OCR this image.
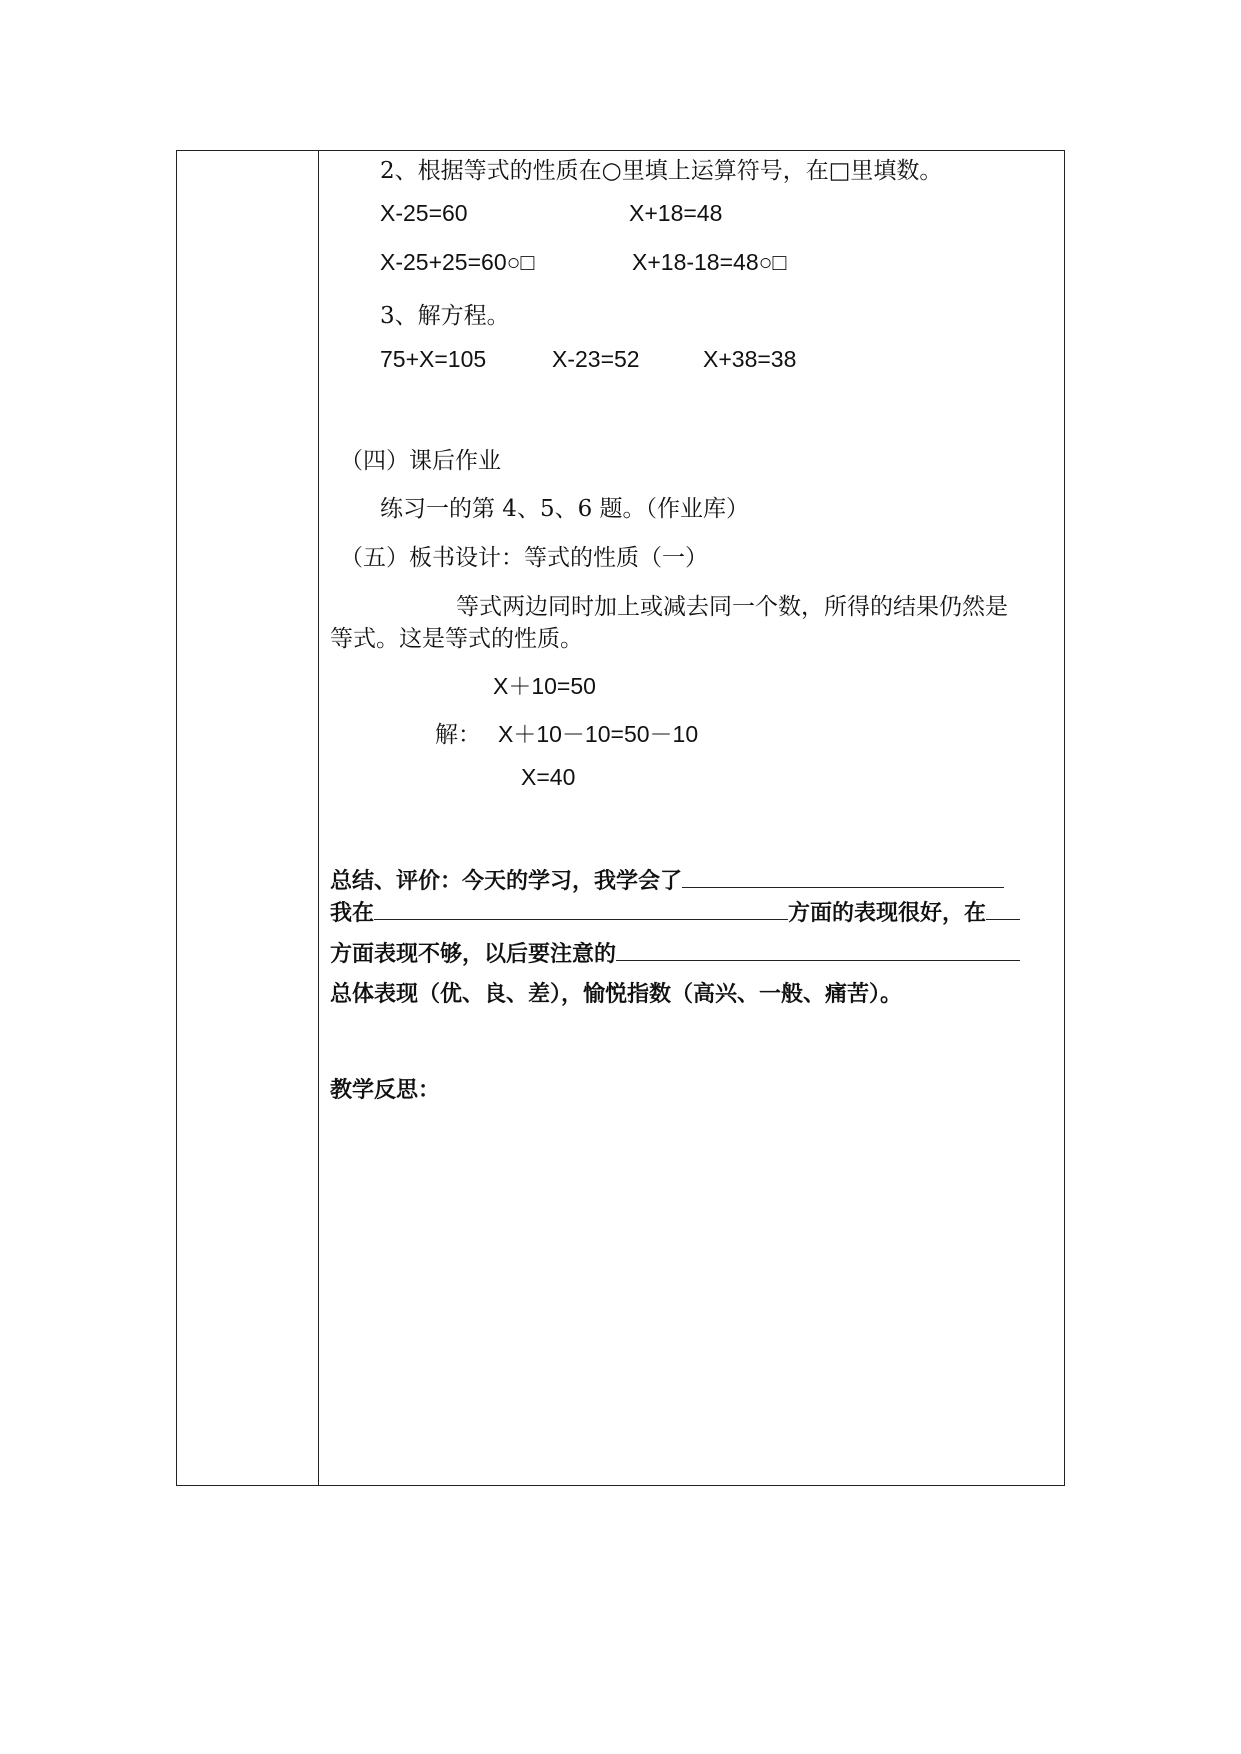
2、根据等式的性质在○里填上运算符号，在□里填数。
X-25=60	X+18=48
X-25+25=60○□	X+18-18=48○□
3、解方程。
75+X=105	X-23=52	X+38=38
（四）课后作业
练习一的第 4、5、6 题。（作业库）
（五）板书设计：等式的性质（一）
等式两边同时加上或减去同一个数，所得的结果仍然是
等式。这是等式的性质。
X＋10=50
解： X＋10－10=50－10
X=40
总结、评价：今天的学习，我学会了
我在	方面的表现很好，在
方面表现不够，以后要注意的
总体表现（优、良、差），愉悦指数（高兴、一般、痛苦）。
教学反思：
